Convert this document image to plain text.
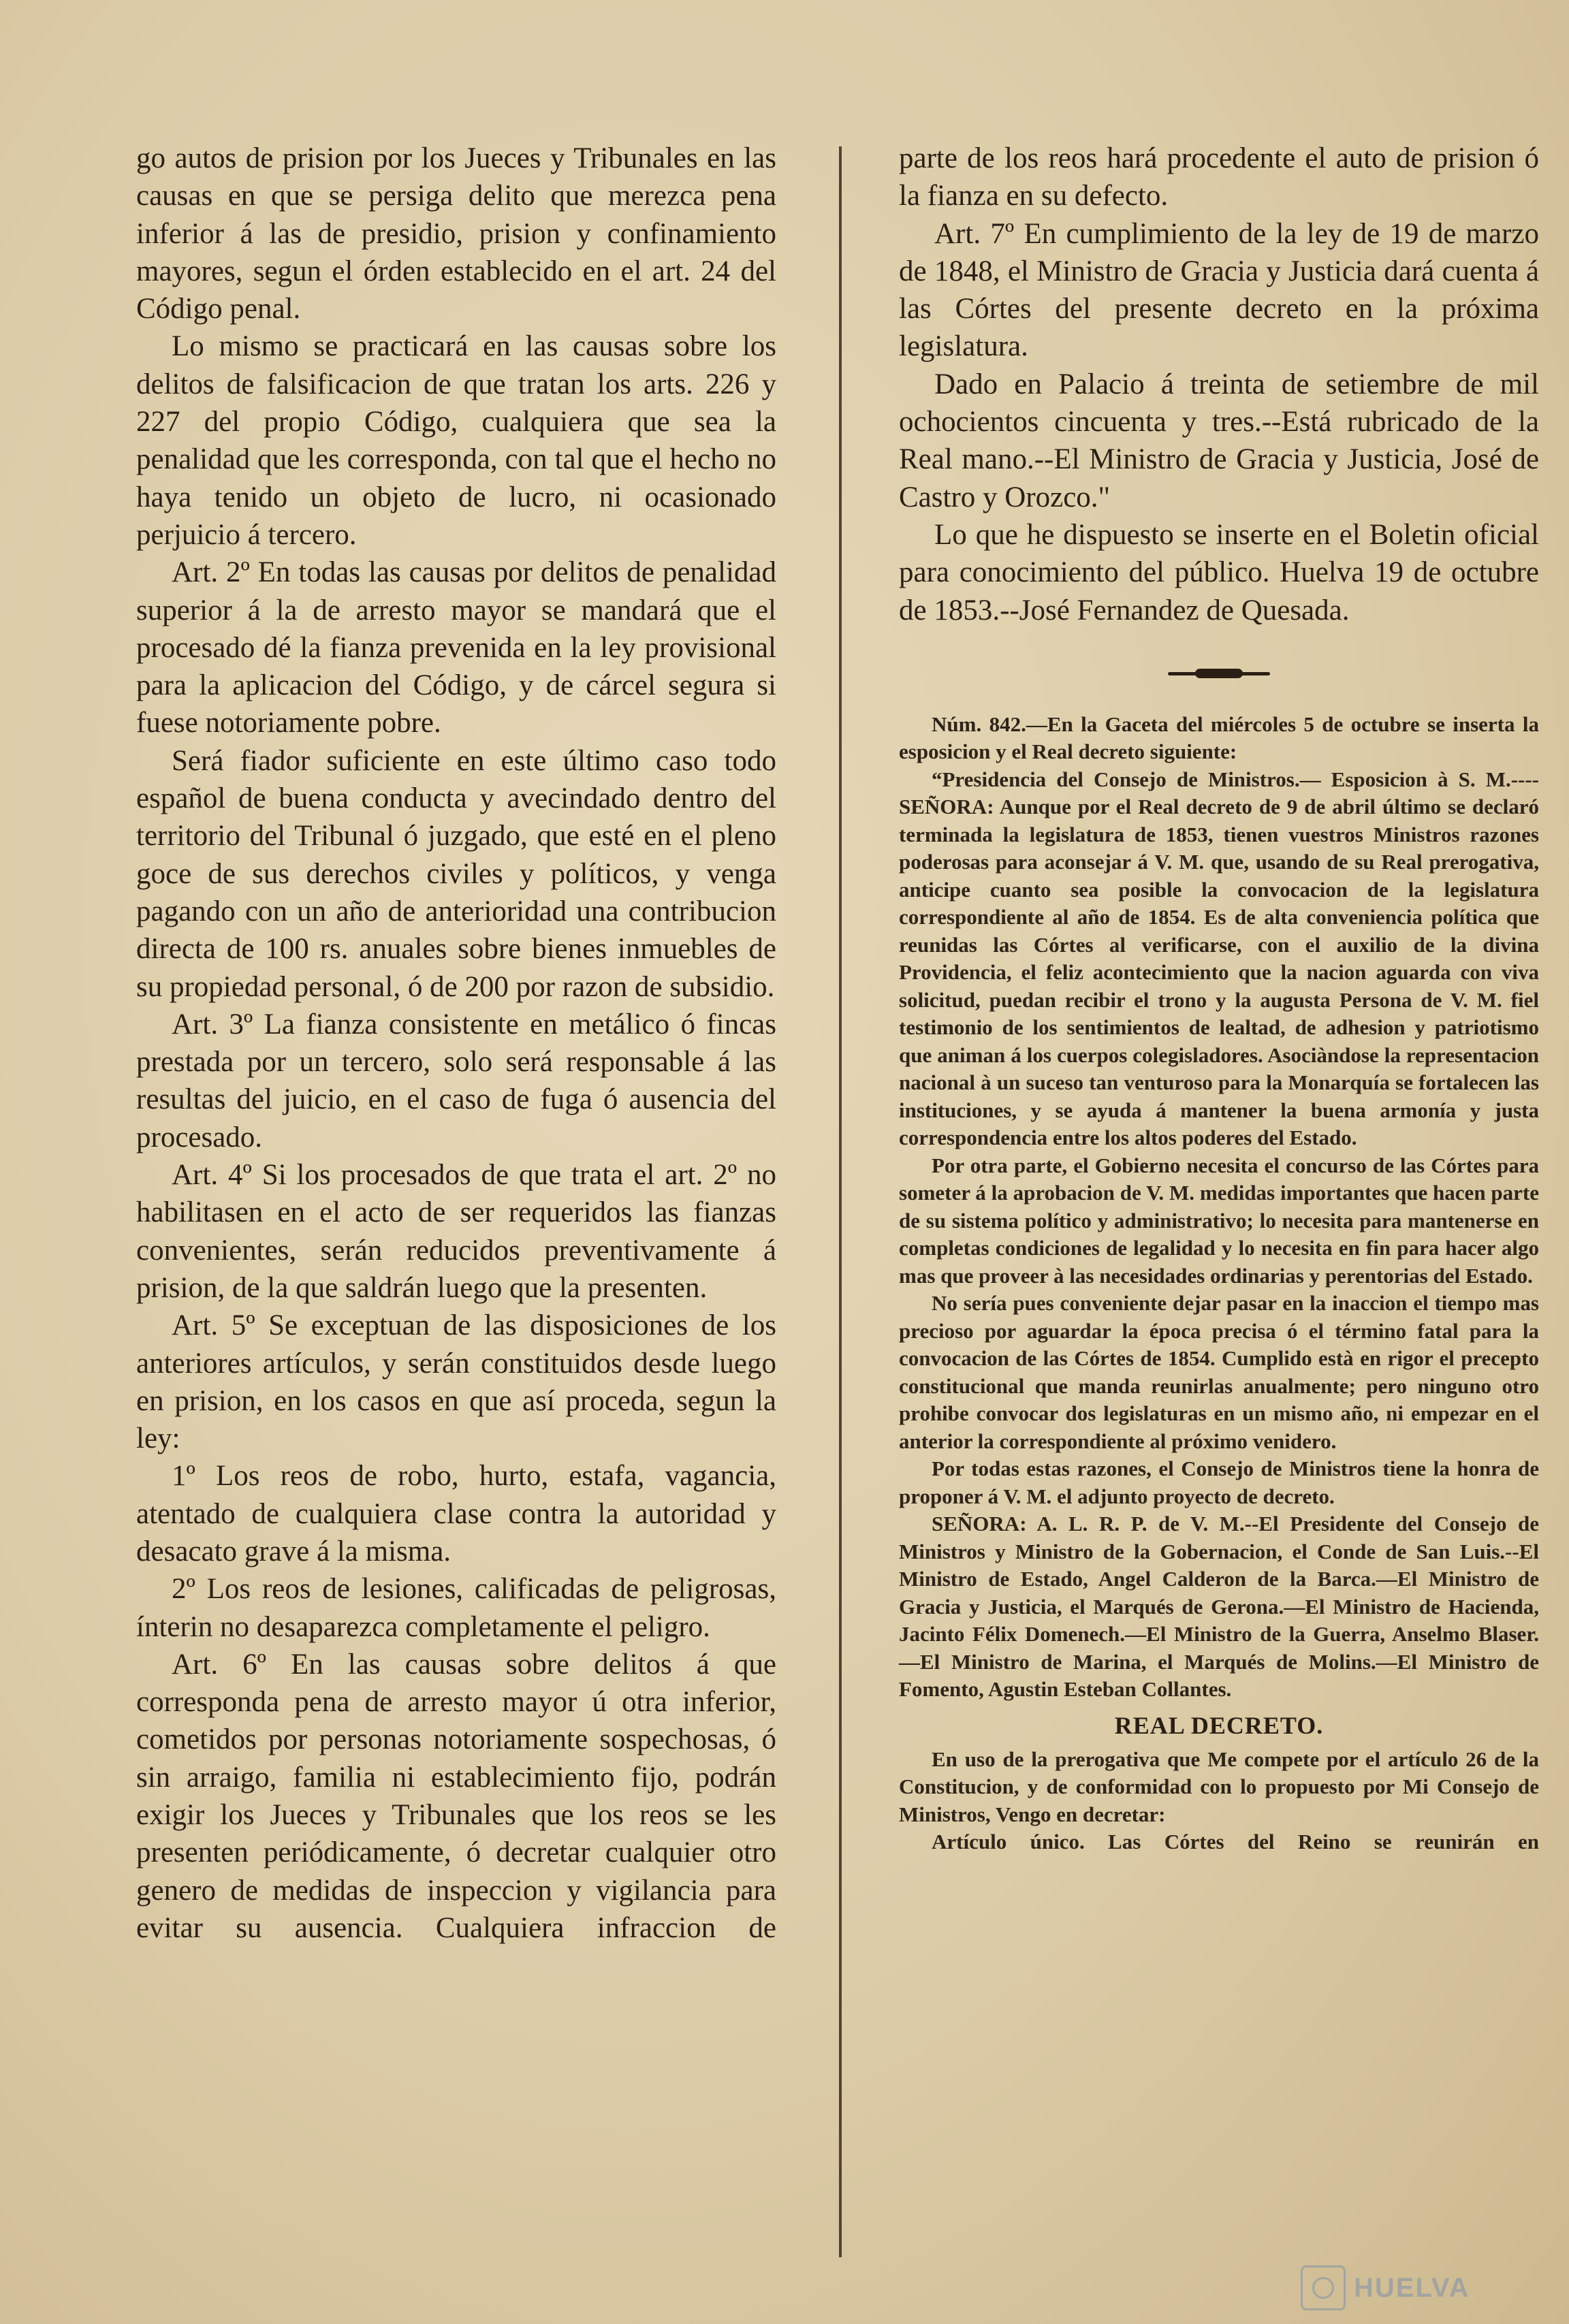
go autos de prision por los Jueces y Tribunales en las causas en que se persiga delito que merezca pena inferior á las de presidio, prision y confinamiento mayores, segun el órden establecido en el art. 24 del Código penal.

Lo mismo se practicará en las causas sobre los delitos de falsificacion de que tratan los arts. 226 y 227 del propio Código, cualquiera que sea la penalidad que les corresponda, con tal que el hecho no haya tenido un objeto de lucro, ni ocasionado perjuicio á tercero.

Art. 2º En todas las causas por delitos de penalidad superior á la de arresto mayor se mandará que el procesado dé la fianza prevenida en la ley provisional para la aplicacion del Código, y de cárcel segura si fuese notoriamente pobre.

Será fiador suficiente en este último caso todo español de buena conducta y avecindado dentro del territorio del Tribunal ó juzgado, que esté en el pleno goce de sus derechos civiles y políticos, y venga pagando con un año de anterioridad una contribucion directa de 100 rs. anuales sobre bienes inmuebles de su propiedad personal, ó de 200 por razon de subsidio.

Art. 3º La fianza consistente en metálico ó fincas prestada por un tercero, solo será responsable á las resultas del juicio, en el caso de fuga ó ausencia del procesado.

Art. 4º Si los procesados de que trata el art. 2º no habilitasen en el acto de ser requeridos las fianzas convenientes, serán reducidos preventivamente á prision, de la que saldrán luego que la presenten.

Art. 5º Se exceptuan de las disposiciones de los anteriores artículos, y serán constituidos desde luego en prision, en los casos en que así proceda, segun la ley:

1º Los reos de robo, hurto, estafa, vagancia, atentado de cualquiera clase contra la autoridad y desacato grave á la misma.

2º Los reos de lesiones, calificadas de peligrosas, ínterin no desaparezca completamente el peligro.

Art. 6º En las causas sobre delitos á que corresponda pena de arresto mayor ú otra inferior, cometidos por personas notoriamente sospechosas, ó sin arraigo, familia ni establecimiento fijo, podrán exigir los Jueces y Tribunales que los reos se les presenten periódicamente, ó decretar cualquier otro genero de medidas de inspeccion y vigilancia para evitar su ausencia. Cualquiera infraccion de

parte de los reos hará procedente el auto de prision ó la fianza en su defecto.

Art. 7º En cumplimiento de la ley de 19 de marzo de 1848, el Ministro de Gracia y Justicia dará cuenta á las Córtes del presente decreto en la próxima legislatura.

Dado en Palacio á treinta de setiembre de mil ochocientos cincuenta y tres.--Está rubricado de la Real mano.--El Ministro de Gracia y Justicia, José de Castro y Orozco."

Lo que he dispuesto se inserte en el Boletin oficial para conocimiento del público. Huelva 19 de octubre de 1853.--José Fernandez de Quesada.

Núm. 842.—En la Gaceta del miércoles 5 de octubre se inserta la esposicion y el Real decreto siguiente:

“Presidencia del Consejo de Ministros.— Esposicion à S. M.----SEÑORA: Aunque por el Real decreto de 9 de abril último se declaró terminada la legislatura de 1853, tienen vuestros Ministros razones poderosas para aconsejar á V. M. que, usando de su Real prerogativa, anticipe cuanto sea posible la convocacion de la legislatura correspondiente al año de 1854. Es de alta conveniencia política que reunidas las Córtes al verificarse, con el auxilio de la divina Providencia, el feliz acontecimiento que la nacion aguarda con viva solicitud, puedan recibir el trono y la augusta Persona de V. M. fiel testimonio de los sentimientos de lealtad, de adhesion y patriotismo que animan á los cuerpos colegisladores. Asociàndose la representacion nacional à un suceso tan venturoso para la Monarquía se fortalecen las instituciones, y se ayuda á mantener la buena armonía y justa correspondencia entre los altos poderes del Estado.

Por otra parte, el Gobierno necesita el concurso de las Córtes para someter á la aprobacion de V. M. medidas importantes que hacen parte de su sistema político y administrativo; lo necesita para mantenerse en completas condiciones de legalidad y lo necesita en fin para hacer algo mas que proveer à las necesidades ordinarias y perentorias del Estado.

No sería pues conveniente dejar pasar en la inaccion el tiempo mas precioso por aguardar la época precisa ó el término fatal para la convocacion de las Córtes de 1854. Cumplido està en rigor el precepto constitucional que manda reunirlas anualmente; pero ninguno otro prohibe convocar dos legislaturas en un mismo año, ni empezar en el anterior la correspondiente al próximo venidero.

Por todas estas razones, el Consejo de Ministros tiene la honra de proponer á V. M. el adjunto proyecto de decreto.

SEÑORA: A. L. R. P. de V. M.--El Presidente del Consejo de Ministros y Ministro de la Gobernacion, el Conde de San Luis.--El Ministro de Estado, Angel Calderon de la Barca.—El Ministro de Gracia y Justicia, el Marqués de Gerona.—El Ministro de Hacienda, Jacinto Félix Domenech.—El Ministro de la Guerra, Anselmo Blaser.—El Ministro de Marina, el Marqués de Molins.—El Ministro de Fomento, Agustin Esteban Collantes.

REAL DECRETO.

En uso de la prerogativa que Me compete por el artículo 26 de la Constitucion, y de conformidad con lo propuesto por Mi Consejo de Ministros, Vengo en decretar:

Artículo único. Las Córtes del Reino se reunirán en

HUELVA
